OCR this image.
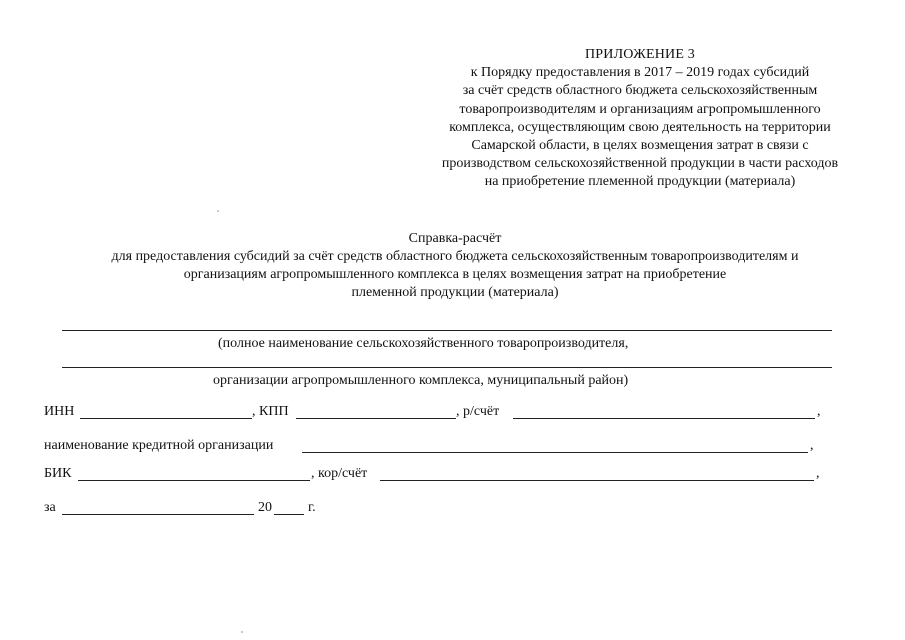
ПРИЛОЖЕНИЕ 3
к Порядку предоставления в 2017 – 2019 годах субсидий
за счёт средств областного бюджета сельскохозяйственным
товаропроизводителям и организациям агропромышленного
комплекса, осуществляющим свою деятельность на территории
Самарской области, в целях возмещения затрат в связи с
производством сельскохозяйственной продукции в части расходов
на приобретение племенной продукции (материала)
Справка-расчёт
для предоставления субсидий за счёт средств областного бюджета сельскохозяйственным товаропроизводителям и
организациям агропромышленного комплекса в целях возмещения затрат на приобретение
племенной продукции (материала)
(полное наименование сельскохозяйственного товаропроизводителя,
организации агропромышленного комплекса, муниципальный район)
ИНН	, КПП	, р/счёт	,
наименование кредитной организации	,
БИК	, кор/счёт	,
за	20	г.
